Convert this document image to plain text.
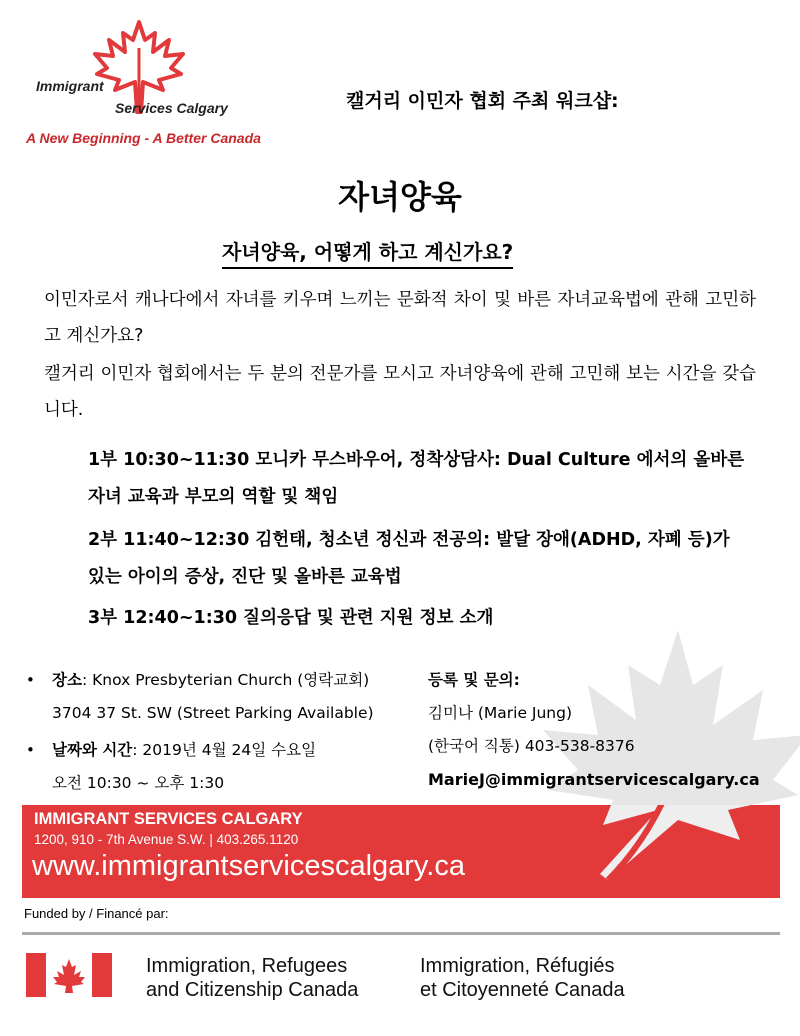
Immigrant
Services Calgary
A New Beginning - A Better Canada
캘거리 이민자 협회 주최 워크샵:
자녀양육
자녀양육, 어떻게 하고 계신가요?
이민자로서 캐나다에서 자녀를 키우며 느끼는 문화적 차이 및 바른 자녀교육법에 관해 고민하고 계신가요?
캘거리 이민자 협회에서는 두 분의 전문가를 모시고 자녀양육에 관해 고민해 보는 시간을 갖습니다.
1부 10:30~11:30 모니카 무스바우어, 정착상담사: Dual Culture 에서의 올바른 자녀 교육과 부모의 역할 및 책임
2부 11:40~12:30 김헌태, 청소년 정신과 전공의: 발달 장애(ADHD, 자폐 등)가 있는 아이의 증상, 진단 및 올바른 교육법
3부 12:40~1:30 질의응답 및 관련 지원 정보 소개
• 장소: Knox Presbyterian Church (영락교회)
3704 37 St. SW (Street Parking Available)
• 날짜와 시간: 2019년 4월 24일 수요일
오전 10:30 ~ 오후 1:30
등록 및 문의:
김미나 (Marie Jung)
(한국어 직통) 403-538-8376
MarieJ@immigrantservicescalgary.ca
IMMIGRANT SERVICES CALGARY
1200, 910 - 7th Avenue S.W. | 403.265.1120
www.immigrantservicescalgary.ca
Funded by / Financé par:
Immigration, Refugees
and Citizenship Canada
Immigration, Réfugiés
et Citoyenneté Canada
